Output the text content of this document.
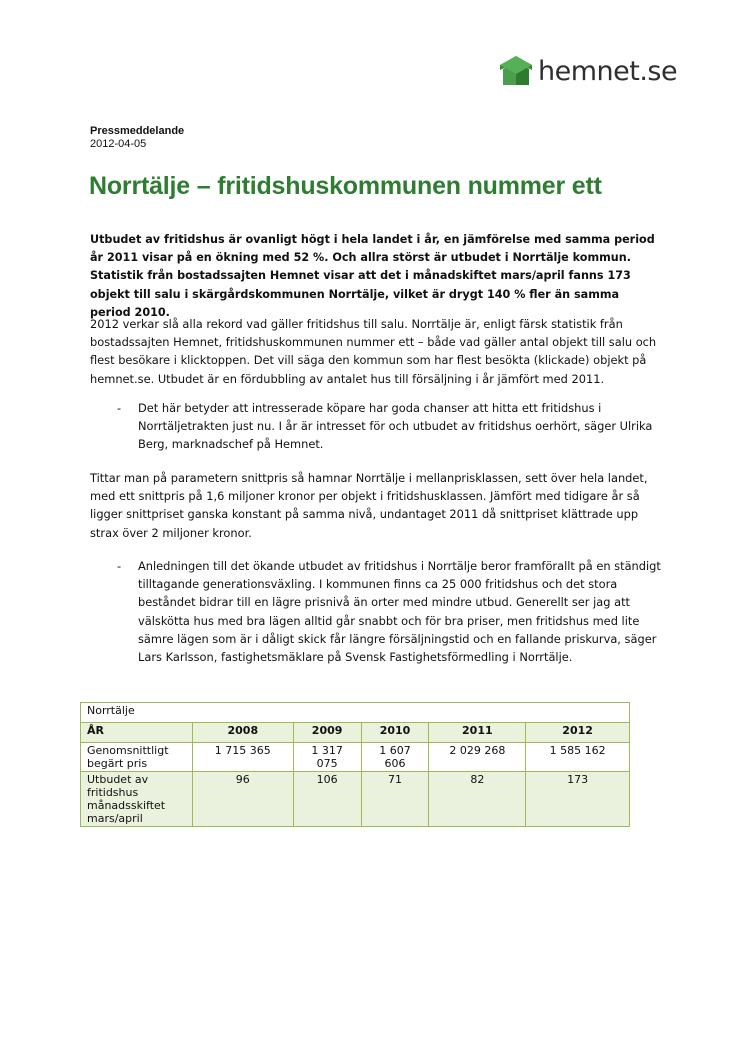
hemnet.se
Pressmeddelande
2012-04-05
Norrtälje – fritidshuskommunen nummer ett

Utbudet av fritidshus är ovanligt högt i hela landet i år, en jämförelse med samma period år 2011 visar på en ökning med 52 %. Och allra störst är utbudet i Norrtälje kommun. Statistik från bostadssajten Hemnet visar att det i månadskiftet mars/april fanns 173 objekt till salu i skärgårdskommunen Norrtälje, vilket är drygt 140 % fler än samma period 2010.

2012 verkar slå alla rekord vad gäller fritidshus till salu. Norrtälje är, enligt färsk statistik från bostadssajten Hemnet, fritidshuskommunen nummer ett – både vad gäller antal objekt till salu och flest besökare i klicktoppen. Det vill säga den kommun som har flest besökta (klickade) objekt på hemnet.se. Utbudet är en fördubbling av antalet hus till försäljning i år jämfört med 2011.

- Det här betyder att intresserade köpare har goda chanser att hitta ett fritidshus i Norrtäljetrakten just nu. I år är intresset för och utbudet av fritidshus oerhört, säger Ulrika Berg, marknadschef på Hemnet.

Tittar man på parametern snittpris så hamnar Norrtälje i mellanprisklassen, sett över hela landet, med ett snittpris på 1,6 miljoner kronor per objekt i fritidshusklassen. Jämfört med tidigare år så ligger snittpriset ganska konstant på samma nivå, undantaget 2011 då snittpriset klättrade upp strax över 2 miljoner kronor.

- Anledningen till det ökande utbudet av fritidshus i Norrtälje beror framförallt på en ständigt tilltagande generationsväxling. I kommunen finns ca 25 000 fritidshus och det stora beståndet bidrar till en lägre prisnivå än orter med mindre utbud. Generellt ser jag att välskötta hus med bra lägen alltid går snabbt och för bra priser, men fritidshus med lite sämre lägen som är i dåligt skick får längre försäljningstid och en fallande priskurva, säger Lars Karlsson, fastighetsmäklare på Svensk Fastighetsförmedling i Norrtälje.
Norrtälje					
ÅR	2008	2009	2010	2011	2012
Genomsnittligt begärt pris	1 715 365	1 317 075	1 607 606	2 029 268	1 585 162
Utbudet av fritidshus månadsskiftet mars/april	96	106	71	82	173
